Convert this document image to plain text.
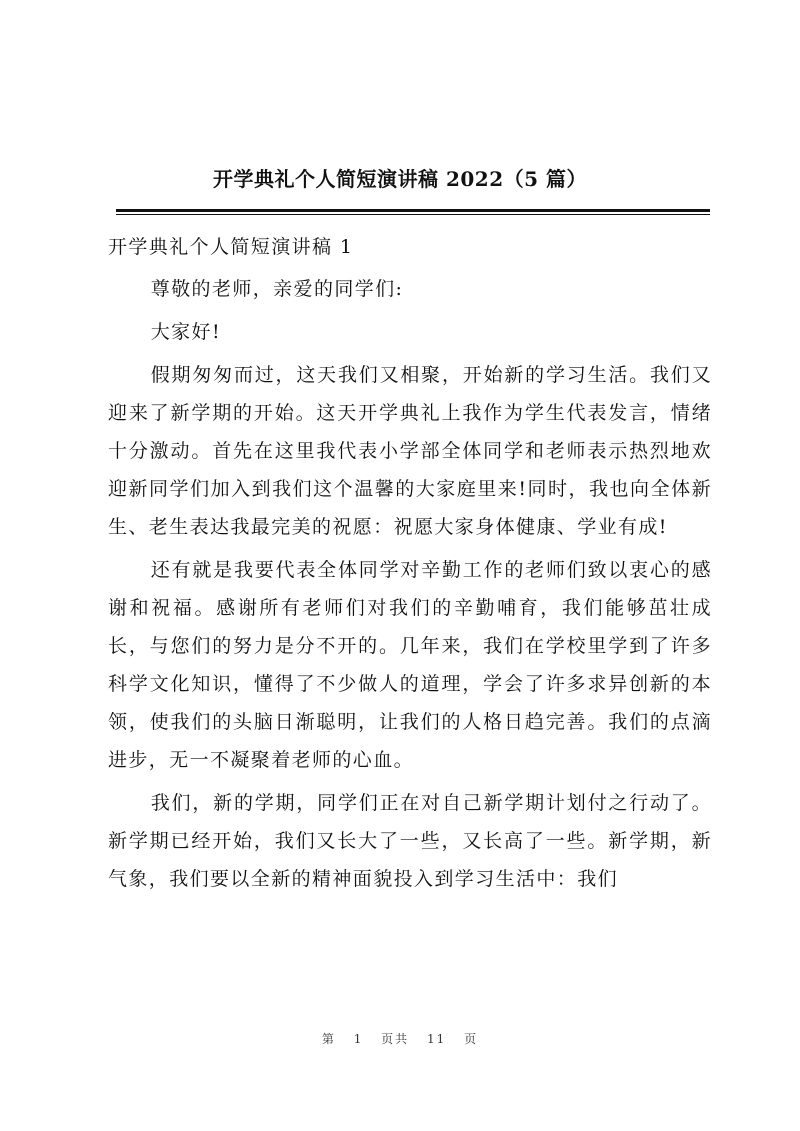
开学典礼个人简短演讲稿 2022（5 篇）

开学典礼个人简短演讲稿 1

尊敬的老师，亲爱的同学们:

大家好!

假期匆匆而过，这天我们又相聚，开始新的学习生活。我们又迎来了新学期的开始。这天开学典礼上我作为学生代表发言，情绪十分激动。首先在这里我代表小学部全体同学和老师表示热烈地欢迎新同学们加入到我们这个温馨的大家庭里来!同时，我也向全体新生、老生表达我最完美的祝愿：祝愿大家身体健康、学业有成!

还有就是我要代表全体同学对辛勤工作的老师们致以衷心的感谢和祝福。感谢所有老师们对我们的辛勤哺育，我们能够茁壮成长，与您们的努力是分不开的。几年来，我们在学校里学到了许多科学文化知识，懂得了不少做人的道理，学会了许多求异创新的本领，使我们的头脑日渐聪明，让我们的人格日趋完善。我们的点滴进步，无一不凝聚着老师的心血。

我们，新的学期，同学们正在对自己新学期计划付之行动了。新学期已经开始，我们又长大了一些，又长高了一些。新学期，新气象，我们要以全新的精神面貌投入到学习生活中：我们

第 1 页共 11 页
